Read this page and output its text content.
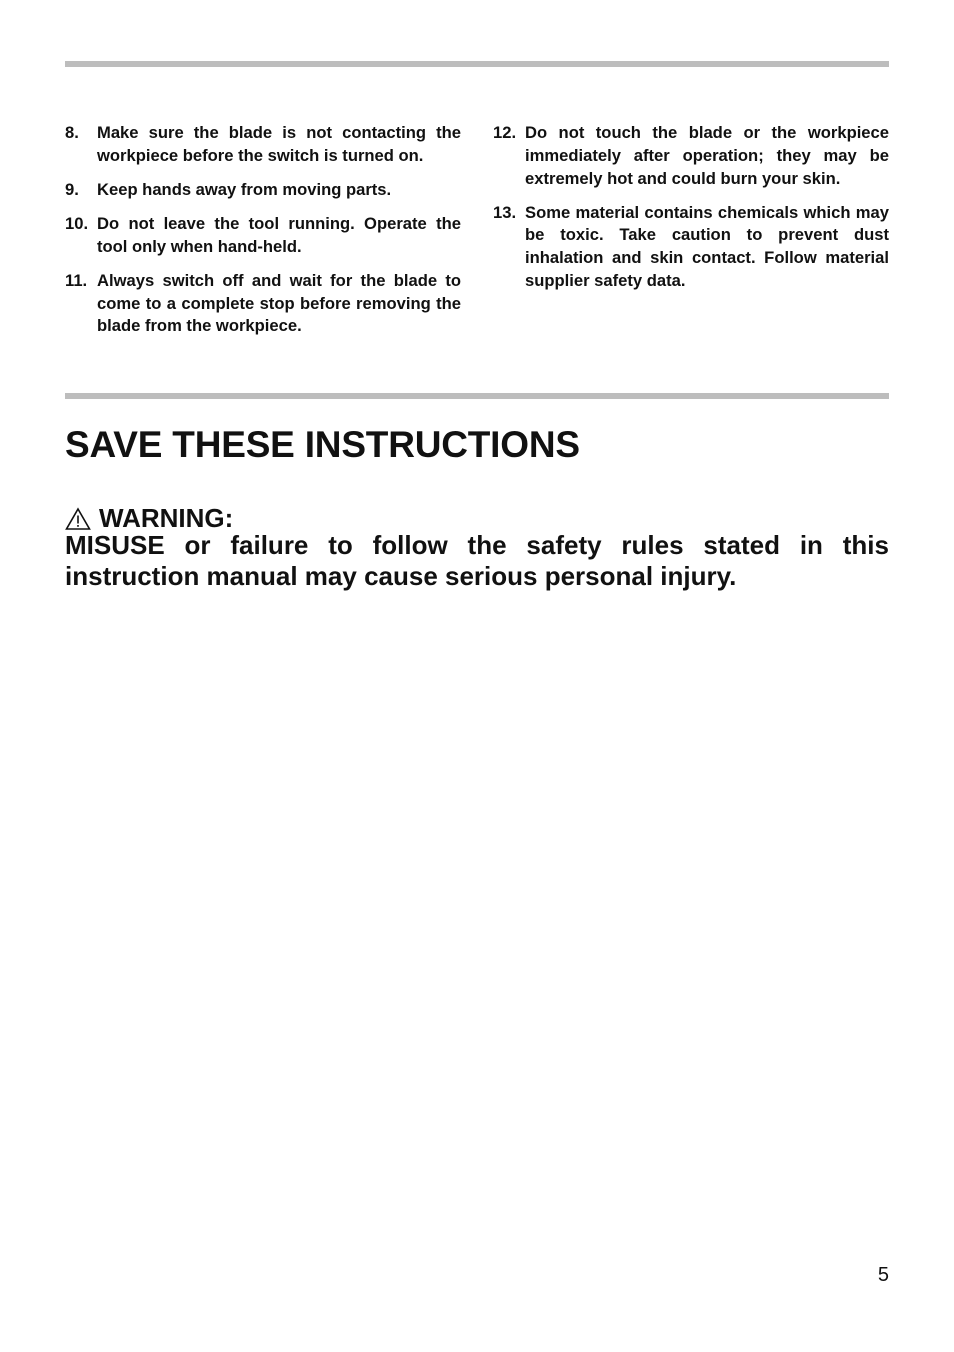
8.	Make sure the blade is not contacting the workpiece before the switch is turned on.
9.	Keep hands away from moving parts.
10. Do not leave the tool running. Operate the tool only when hand-held.
11. Always switch off and wait for the blade to come to a complete stop before removing the blade from the workpiece.
12. Do not touch the blade or the workpiece immediately after operation; they may be extremely hot and could burn your skin.
13. Some material contains chemicals which may be toxic. Take caution to prevent dust inhalation and skin contact. Follow material supplier safety data.
SAVE THESE INSTRUCTIONS
WARNING:
MISUSE or failure to follow the safety rules stated in this instruction manual may cause serious personal injury.
5
